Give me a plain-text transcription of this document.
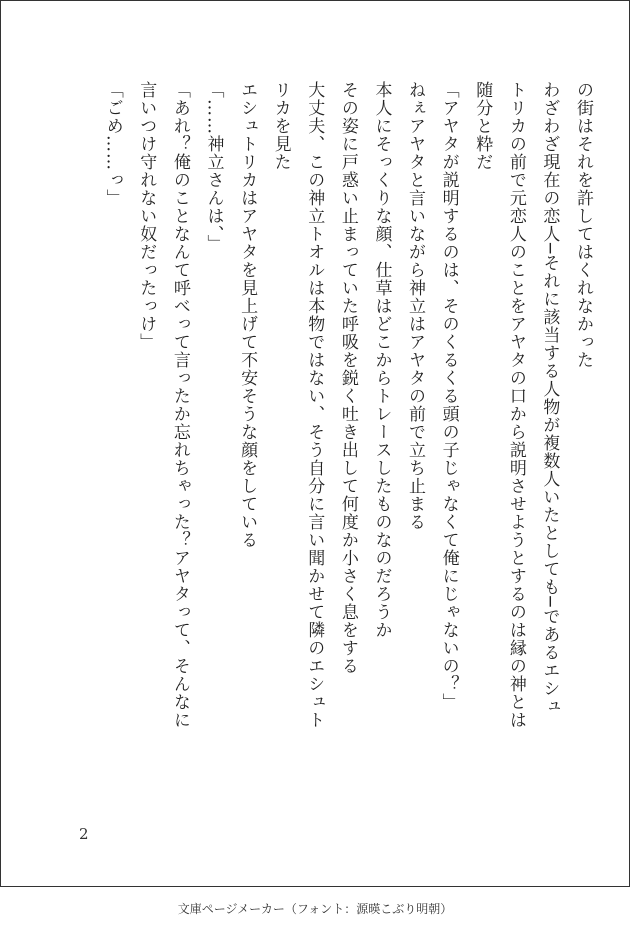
の街はそれを許してはくれなかった
わざわざ現在の恋人─それに該当する人物が複数人いたとしても─であるエシュ
トリカの前で元恋人のことをアヤタの口から説明させようとするのは縁の神とは
随分と粋だ
「アヤタが説明するのは、そのくるくる頭の子じゃなくて俺にじゃないの？」
ねぇアヤタと言いながら神立はアヤタの前で立ち止まる
本人にそっくりな顔、仕草はどこからトレースしたものなのだろうか
その姿に戸惑い止まっていた呼吸を鋭く吐き出して何度か小さく息をする
大丈夫、この神立トオルは本物ではない、そう自分に言い聞かせて隣のエシュト
リカを見た
エシュトリカはアヤタを見上げて不安そうな顔をしている
「……神立さんは、」
「あれ？俺のことなんて呼べって言ったか忘れちゃった？アヤタって、そんなに
言いつけ守れない奴だったっけ」
「ごめ……っ」
2
文庫ページメーカー（フォント：源暎こぶり明朝）
